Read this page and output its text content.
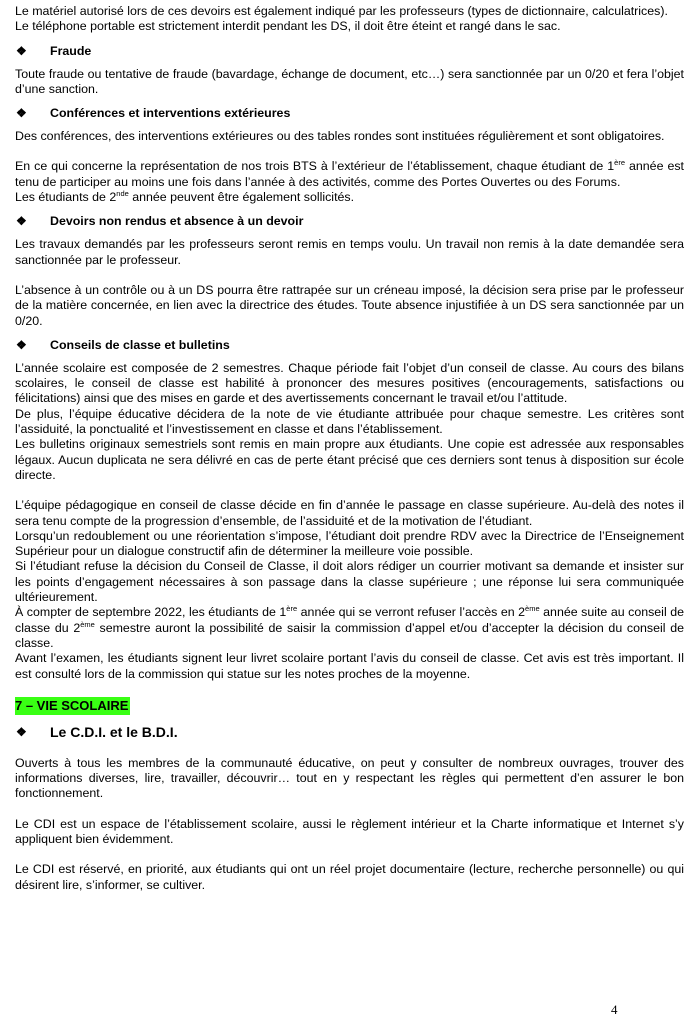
Le matériel autorisé lors de ces devoirs est également indiqué par les professeurs (types de dictionnaire, calculatrices).

Le téléphone portable est strictement interdit pendant les DS, il doit être éteint et rangé dans le sac.

❖	Fraude

Toute fraude ou tentative de fraude (bavardage, échange de document, etc…) sera sanctionnée par un 0/20 et fera l’objet d’une sanction.

❖	Conférences et interventions extérieures

Des conférences, des interventions extérieures ou des tables rondes sont instituées régulièrement et sont obligatoires.

En ce qui concerne la représentation de nos trois BTS à l’extérieur de l’établissement, chaque étudiant de 1ère année est tenu de participer au moins une fois dans l’année à des activités, comme des Portes Ouvertes ou des Forums.

Les étudiants de 2nde année peuvent être également sollicités.

❖	Devoirs non rendus et absence à un devoir

Les travaux demandés par les professeurs seront remis en temps voulu. Un travail non remis à la date demandée sera sanctionnée par le professeur.

L’absence à un contrôle ou à un DS pourra être rattrapée sur un créneau imposé, la décision sera prise par le professeur de la matière concernée, en lien avec la directrice des études. Toute absence injustifiée à un DS sera sanctionnée par un 0/20.

❖	Conseils de classe et bulletins

L’année scolaire est composée de 2 semestres. Chaque période fait l’objet d’un conseil de classe. Au cours des bilans scolaires, le conseil de classe est habilité à prononcer des mesures positives (encouragements, satisfactions ou félicitations) ainsi que des mises en garde et des avertissements concernant le travail et/ou l’attitude.

De plus, l’équipe éducative décidera de la note de vie étudiante attribuée pour chaque semestre. Les critères sont l’assiduité, la ponctualité et l’investissement en classe et dans l’établissement.

Les bulletins originaux semestriels sont remis en main propre aux étudiants. Une copie est adressée aux responsables légaux. Aucun duplicata ne sera délivré en cas de perte étant précisé que ces derniers sont tenus à disposition sur école directe.

L’équipe pédagogique en conseil de classe décide en fin d’année le passage en classe supérieure. Au-delà des notes il sera tenu compte de la progression d’ensemble, de l’assiduité et de la motivation de l’étudiant.

Lorsqu’un redoublement ou une réorientation s’impose, l’étudiant doit prendre RDV avec la Directrice de l’Enseignement Supérieur pour un dialogue constructif afin de déterminer la meilleure voie possible.

Si l’étudiant refuse la décision du Conseil de Classe, il doit alors rédiger un courrier motivant sa demande et insister sur les points d’engagement nécessaires à son passage dans la classe supérieure ; une réponse lui sera communiquée ultérieurement.

À compter de septembre 2022, les étudiants de 1ère année qui se verront refuser l’accès en 2ème année suite au conseil de classe du 2ème semestre auront la possibilité de saisir la commission d’appel et/ou d’accepter la décision du conseil de classe.

Avant l’examen, les étudiants signent leur livret scolaire portant l’avis du conseil de classe. Cet avis est très important. Il est consulté lors de la commission qui statue sur les notes proches de la moyenne.

7 – VIE SCOLAIRE
❖	Le C.D.I. et le B.D.I.

Ouverts à tous les membres de la communauté éducative, on peut y consulter de nombreux ouvrages, trouver des informations diverses, lire, travailler, découvrir… tout en y respectant les règles qui permettent d’en assurer le bon fonctionnement.

Le CDI est un espace de l’établissement scolaire, aussi le règlement intérieur et la Charte informatique et Internet s’y appliquent bien évidemment.

Le CDI est réservé, en priorité, aux étudiants qui ont un réel projet documentaire (lecture, recherche personnelle) ou qui désirent lire, s’informer, se cultiver.

4
